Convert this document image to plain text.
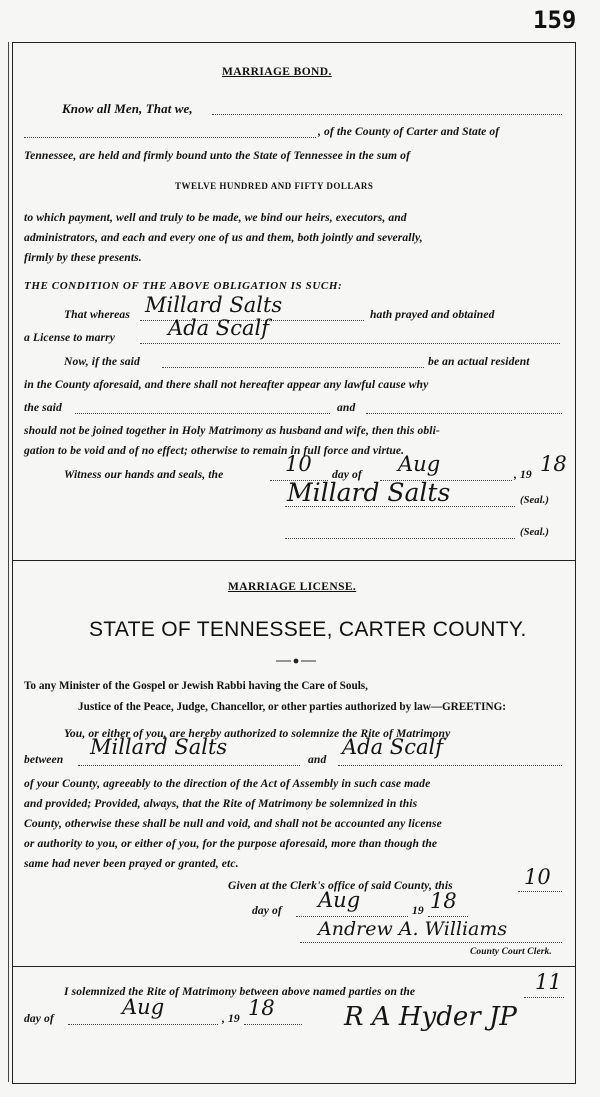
159
MARRIAGE BOND.
Know all Men, That we,
, of the County of Carter and State of
Tennessee, are held and firmly bound unto the State of Tennessee in the sum of
TWELVE HUNDRED AND FIFTY DOLLARS
to which payment, well and truly to be made, we bind our heirs, executors, and
administrators, and each and every one of us and them, both jointly and severally,
firmly by these presents.
THE CONDITION OF THE ABOVE OBLIGATION IS SUCH:
That whereas Millard Salts	hath prayed and obtained
a License to marry	Ada Scalf
Now, if the said	be an actual resident
in the County aforesaid, and there shall not hereafter appear any lawful cause why
the said	and
should not be joined together in Holy Matrimony as husband and wife, then this obli-
gation to be void and of no effect; otherwise to remain in full force and virtue.
Witness our hands and seals, the	10 day of Aug	, 19 18
Millard Salts	(Seal.)
(Seal.)
MARRIAGE LICENSE.
STATE OF TENNESSEE, CARTER COUNTY.
To any Minister of the Gospel or Jewish Rabbi having the Care of Souls,
Justice of the Peace, Judge, Chancellor, or other parties authorized by law—GREETING:
You, or either of you, are hereby authorized to solemnize the Rite of Matrimony
between
Millard Salts
and
Ada Scalf
of your County, agreeably to the direction of the Act of Assembly in such case made
and provided; Provided, always, that the Rite of Matrimony be solemnized in this
County, otherwise these shall be null and void, and shall not be accounted any license
or authority to you, or either of you, for the purpose aforesaid, more than though the
same had never been prayed or granted, etc.
Given at the Clerk's office of said County, this	10
day of Aug	19 18
Andrew A. Williams
County Court Clerk.
I solemnized the Rite of Matrimony between above named parties on the	11
day of	Aug	, 19 18	R A Hyder JP
